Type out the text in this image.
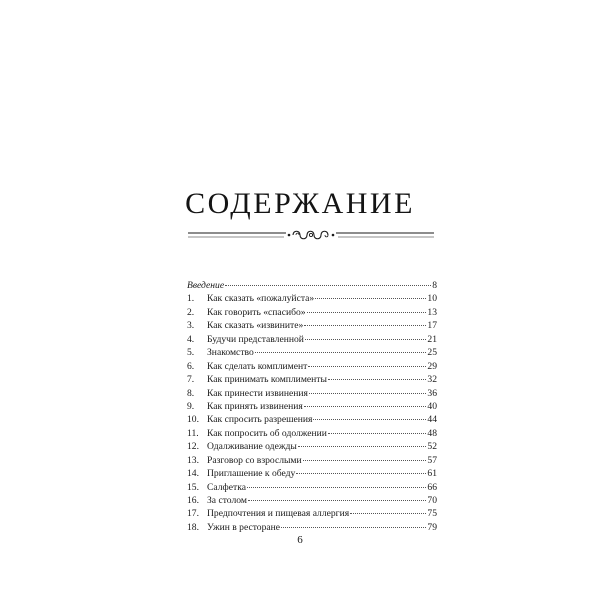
СОДЕРЖАНИЕ
Введение	8
1.	Как сказать «пожалуйста»	10
2.	Как говорить «спасибо»	13
3.	Как сказать «извините»	17
4.	Будучи представленной	21
5.	Знакомство	25
6.	Как сделать комплимент	29
7.	Как принимать комплименты	32
8.	Как принести извинения	36
9.	Как принять извинения	40
10. Как спросить разрешения	44
11. Как попросить об одолжении	48
12. Одалживание одежды	52
13. Разговор со взрослыми	57
14. Приглашение к обеду	61
15. Салфетка	66
16. За столом	70
17. Предпочтения и пищевая аллергия	75
18. Ужин в ресторане	79
6
